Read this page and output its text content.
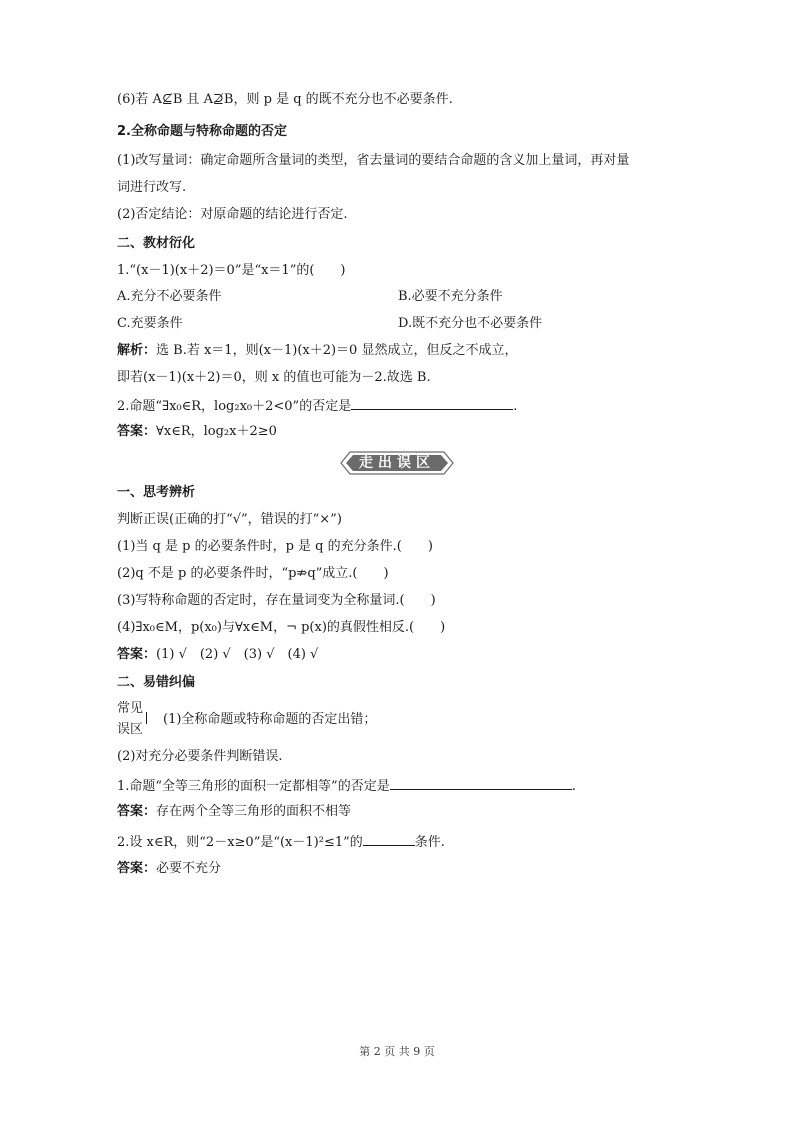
(6)若 A⊈B 且 A⊉B，则 p 是 q 的既不充分也不必要条件.
2.全称命题与特称命题的否定
(1)改写量词：确定命题所含量词的类型，省去量词的要结合命题的含义加上量词，再对量
词进行改写.
(2)否定结论：对原命题的结论进行否定.
二、教材衍化
1.“(x－1)(x＋2)＝0”是“x＝1”的(　　)
A.充分不必要条件	B.必要不充分条件
C.充要条件	D.既不充分也不必要条件
解析：选 B.若 x＝1，则(x－1)(x＋2)＝0 显然成立，但反之不成立，
即若(x－1)(x＋2)＝0，则 x 的值也可能为－2.故选 B.
2.命题“∃x₀∈R，log₂x₀＋2<0”的否定是	.
答案：∀x∈R，log₂x＋2≥0
走出误区
一、思考辨析
判断正误(正确的打“√”，错误的打“×”)
(1)当 q 是 p 的必要条件时，p 是 q 的充分条件.(　　)
(2)q 不是 p 的必要条件时，“p⇏q”成立.(　　)
(3)写特称命题的否定时，存在量词变为全称量词.(　　)
(4)∃x₀∈M，p(x₀)与∀x∈M，¬ p(x)的真假性相反.(　　)
答案：(1) √　(2) √　(3) √　(4) √
二、易错纠偏
常见
误区
(1)全称命题或特称命题的否定出错；
(2)对充分必要条件判断错误.
1.命题“全等三角形的面积一定都相等”的否定是	.
答案：存在两个全等三角形的面积不相等
2.设 x∈R，则“2－x≥0”是“(x－1)²≤1”的	条件.
答案：必要不充分
第 2 页 共 9 页
